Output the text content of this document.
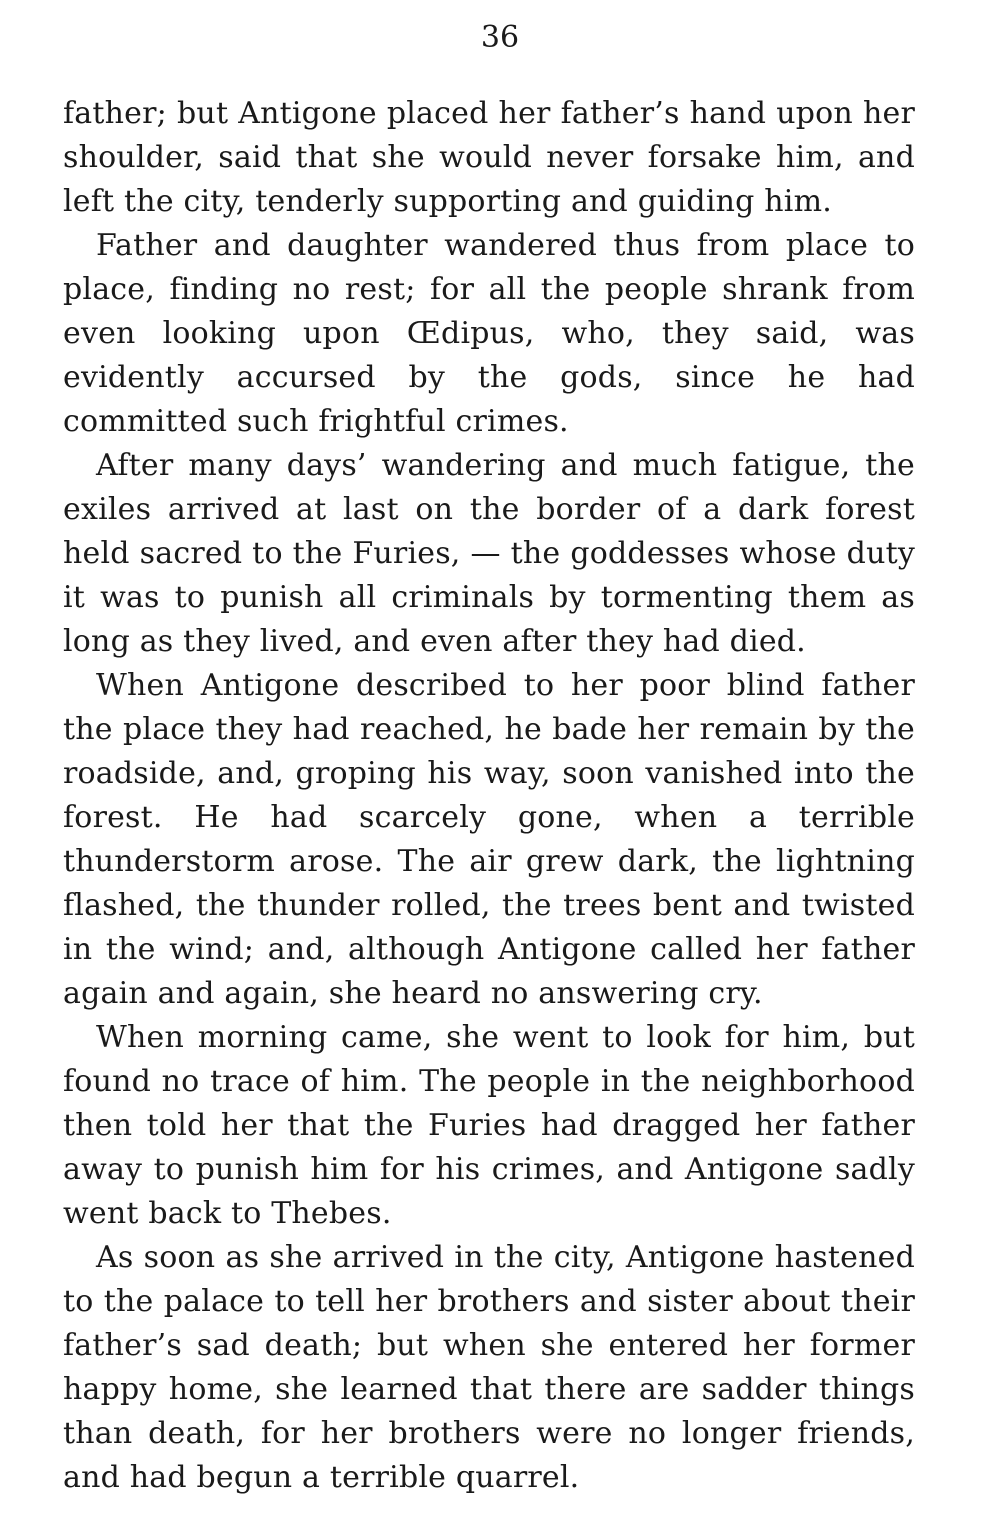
36

father; but Antigone placed her father’s hand upon her shoulder, said that she would never forsake him, and left the city, tenderly supporting and guiding him.

Father and daughter wandered thus from place to place, finding no rest; for all the people shrank from even looking upon Œdipus, who, they said, was evidently accursed by the gods, since he had committed such frightful crimes.

After many days’ wandering and much fatigue, the exiles arrived at last on the border of a dark forest held sacred to the Furies, — the goddesses whose duty it was to punish all criminals by tormenting them as long as they lived, and even after they had died.

When Antigone described to her poor blind father the place they had reached, he bade her remain by the roadside, and, groping his way, soon vanished into the forest. He had scarcely gone, when a terrible thunderstorm arose. The air grew dark, the lightning flashed, the thunder rolled, the trees bent and twisted in the wind; and, although Antigone called her father again and again, she heard no answering cry.

When morning came, she went to look for him, but found no trace of him. The people in the neighborhood then told her that the Furies had dragged her father away to punish him for his crimes, and Antigone sadly went back to Thebes.

As soon as she arrived in the city, Antigone hastened to the palace to tell her brothers and sister about their father’s sad death; but when she entered her former happy home, she learned that there are sadder things than death, for her brothers were no longer friends, and had begun a terrible quarrel.
